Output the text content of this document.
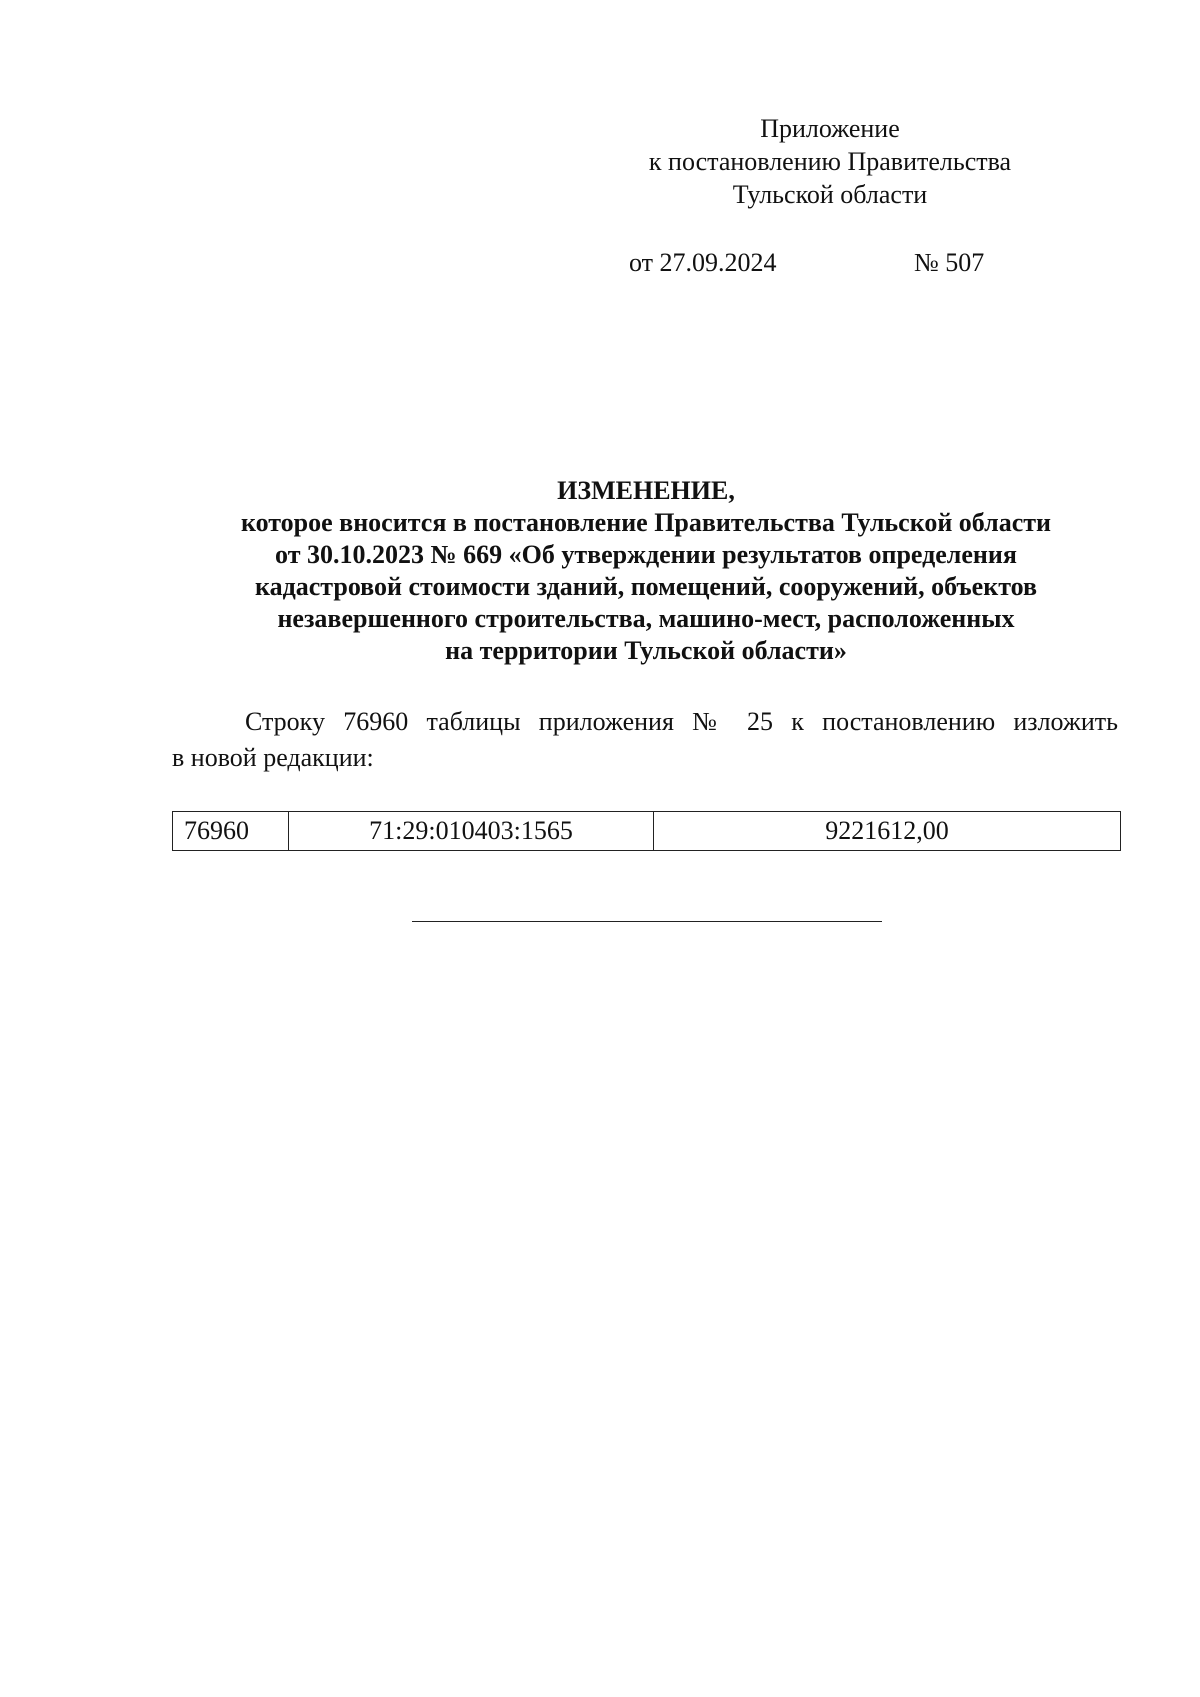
Приложение
к постановлению Правительства
Тульской области
от 27.09.2024	№ 507
ИЗМЕНЕНИЕ,
которое вносится в постановление Правительства Тульской области
от 30.10.2023 № 669 «Об утверждении результатов определения
кадастровой стоимости зданий, помещений, сооружений, объектов
незавершенного строительства, машино-мест, расположенных
на территории Тульской области»
Строку 76960 таблицы приложения № 25 к постановлению изложить
в новой редакции:
76960	71:29:010403:1565	9221612,00
